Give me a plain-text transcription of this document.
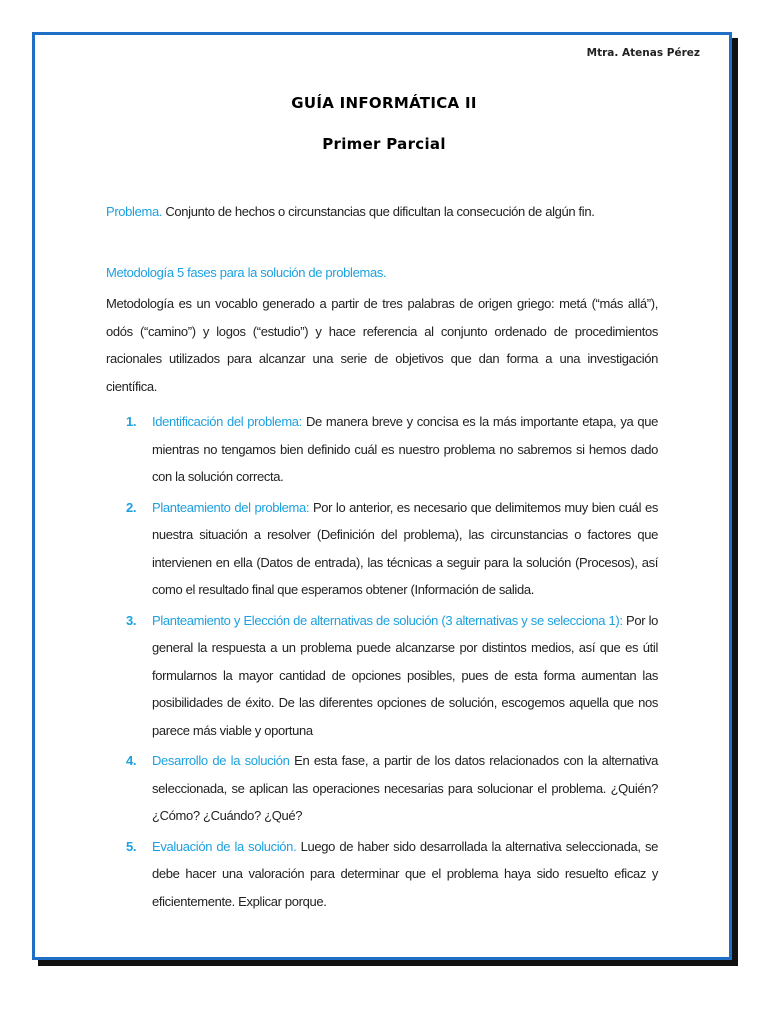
Mtra. Atenas Pérez
GUÍA INFORMÁTICA II
Primer Parcial
Problema. Conjunto de hechos o circunstancias que dificultan la consecución de algún fin.
Metodología 5 fases para la solución de problemas.
Metodología es un vocablo generado a partir de tres palabras de origen griego: metá (“más allá”), odós (“camino”) y logos (“estudio”) y hace referencia al conjunto ordenado de procedimientos racionales utilizados para alcanzar una serie de objetivos que dan forma a una investigación científica.
1. Identificación del problema: De manera breve y concisa es la más importante etapa, ya que mientras no tengamos bien definido cuál es nuestro problema no sabremos si hemos dado con la solución correcta.
2. Planteamiento del problema: Por lo anterior, es necesario que delimitemos muy bien cuál es nuestra situación a resolver (Definición del problema), las circunstancias o factores que intervienen en ella (Datos de entrada), las técnicas a seguir para la solución (Procesos), así como el resultado final que esperamos obtener (Información de salida.
3. Planteamiento y Elección de alternativas de solución (3 alternativas y se selecciona 1): Por lo general la respuesta a un problema puede alcanzarse por distintos medios, así que es útil formularnos la mayor cantidad de opciones posibles, pues de esta forma aumentan las posibilidades de éxito. De las diferentes opciones de solución, escogemos aquella que nos parece más viable y oportuna
4. Desarrollo de la solución En esta fase, a partir de los datos relacionados con la alternativa seleccionada, se aplican las operaciones necesarias para solucionar el problema. ¿Quién? ¿Cómo? ¿Cuándo? ¿Qué?
5. Evaluación de la solución. Luego de haber sido desarrollada la alternativa seleccionada, se debe hacer una valoración para determinar que el problema haya sido resuelto eficaz y eficientemente. Explicar porque.
